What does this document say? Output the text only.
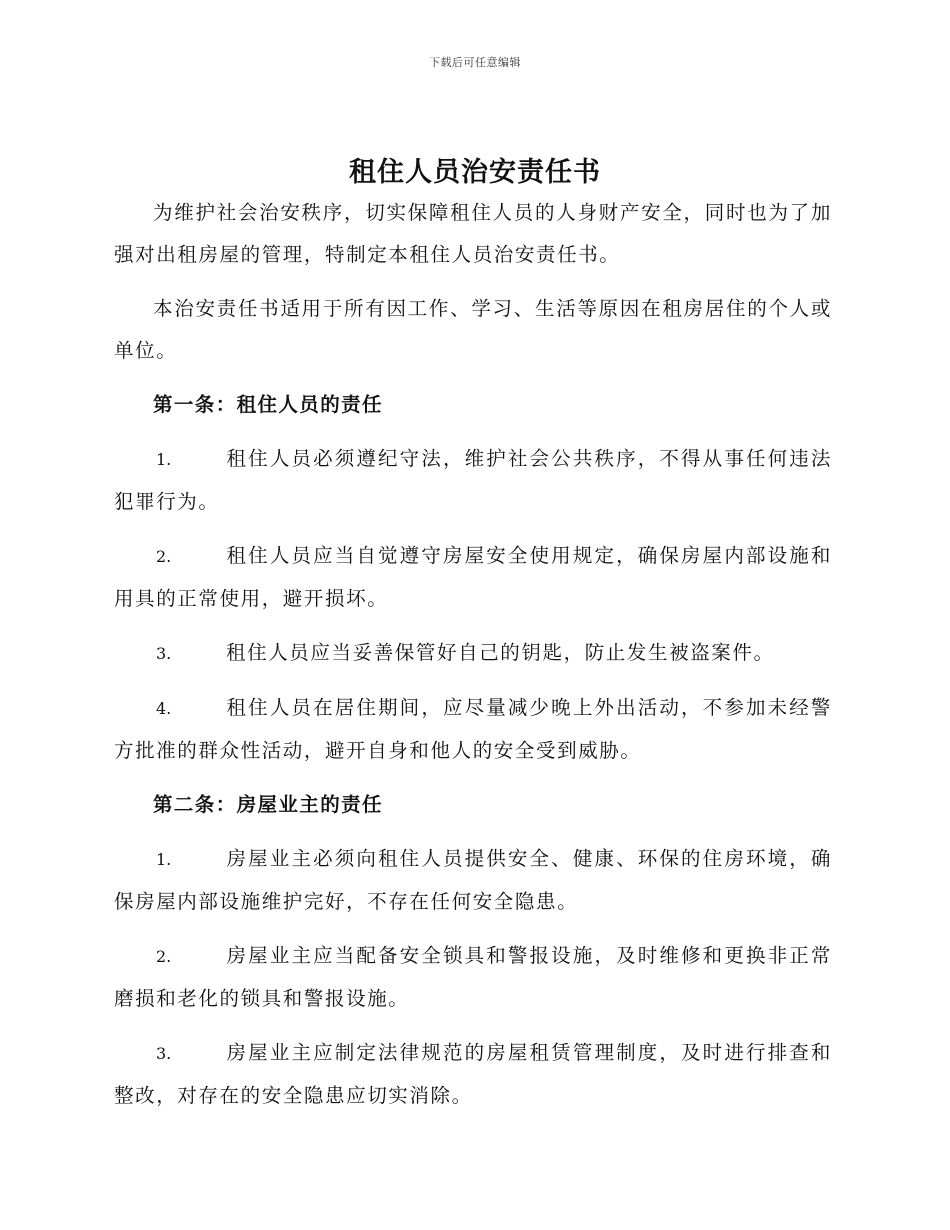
下载后可任意编辑
租住人员治安责任书

为维护社会治安秩序，切实保障租住人员的人身财产安全，同时也为了加强对出租房屋的管理，特制定本租住人员治安责任书。

本治安责任书适用于所有因工作、学习、生活等原因在租房居住的个人或单位。

第一条：租住人员的责任

1.	租住人员必须遵纪守法，维护社会公共秩序，不得从事任何违法犯罪行为。

2.	租住人员应当自觉遵守房屋安全使用规定，确保房屋内部设施和用具的正常使用，避开损坏。

3.	租住人员应当妥善保管好自己的钥匙，防止发生被盗案件。

4.	租住人员在居住期间，应尽量减少晚上外出活动，不参加未经警方批准的群众性活动，避开自身和他人的安全受到威胁。

第二条：房屋业主的责任

1.	房屋业主必须向租住人员提供安全、健康、环保的住房环境，确保房屋内部设施维护完好，不存在任何安全隐患。

2.	房屋业主应当配备安全锁具和警报设施，及时维修和更换非正常磨损和老化的锁具和警报设施。

3.	房屋业主应制定法律规范的房屋租赁管理制度，及时进行排查和整改，对存在的安全隐患应切实消除。
